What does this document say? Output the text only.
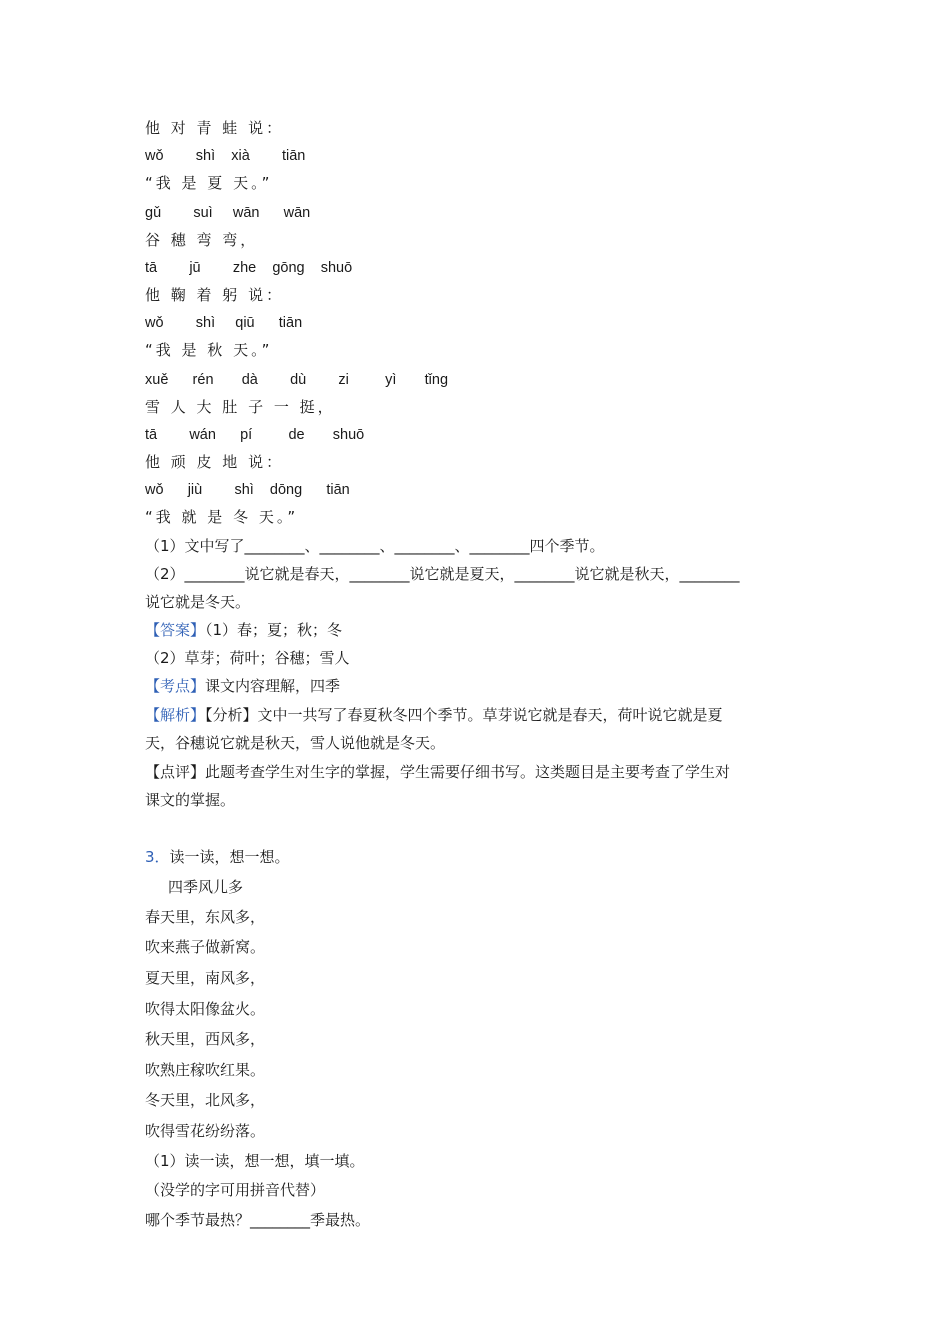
他 对 青 蛙 说：
wǒ        shì    xià        tiān
“我 是 夏 天。”
gǔ        suì     wān      wān
谷 穗 弯 弯，
tā        jū        zhe    gōng    shuō
他 鞠 着 躬 说：
wǒ        shì     qiū      tiān
“我 是 秋 天。”
xuě      rén       dà        dù        zi         yì       tǐng
雪 人 大 肚 子 一 挺，
tā        wán      pí         de       shuō
他 顽 皮 地 说：
wǒ      jiù        shì    dōng      tiān
“我 就 是 冬 天。”
（1）文中写了________、________、________、________四个季节。
（2）________说它就是春天，________说它就是夏天，________说它就是秋天，________
说它就是冬天。
【答案】（1）春；夏；秋；冬
（2）草芽；荷叶；谷穗；雪人
【考点】课文内容理解，四季
【解析】【分析】文中一共写了春夏秋冬四个季节。草芽说它就是春天，荷叶说它就是夏
天，谷穗说它就是秋天，雪人说他就是冬天。
【点评】此题考查学生对生字的掌握，学生需要仔细书写。这类题目是主要考查了学生对
课文的掌握。
3．读一读，想一想。
四季风儿多
春天里，东风多，
吹来燕子做新窝。
夏天里，南风多，
吹得太阳像盆火。
秋天里，西风多，
吹熟庄稼吹红果。
冬天里，北风多，
吹得雪花纷纷落。
（1）读一读，想一想，填一填。
（没学的字可用拼音代替）
哪个季节最热？________季最热。
